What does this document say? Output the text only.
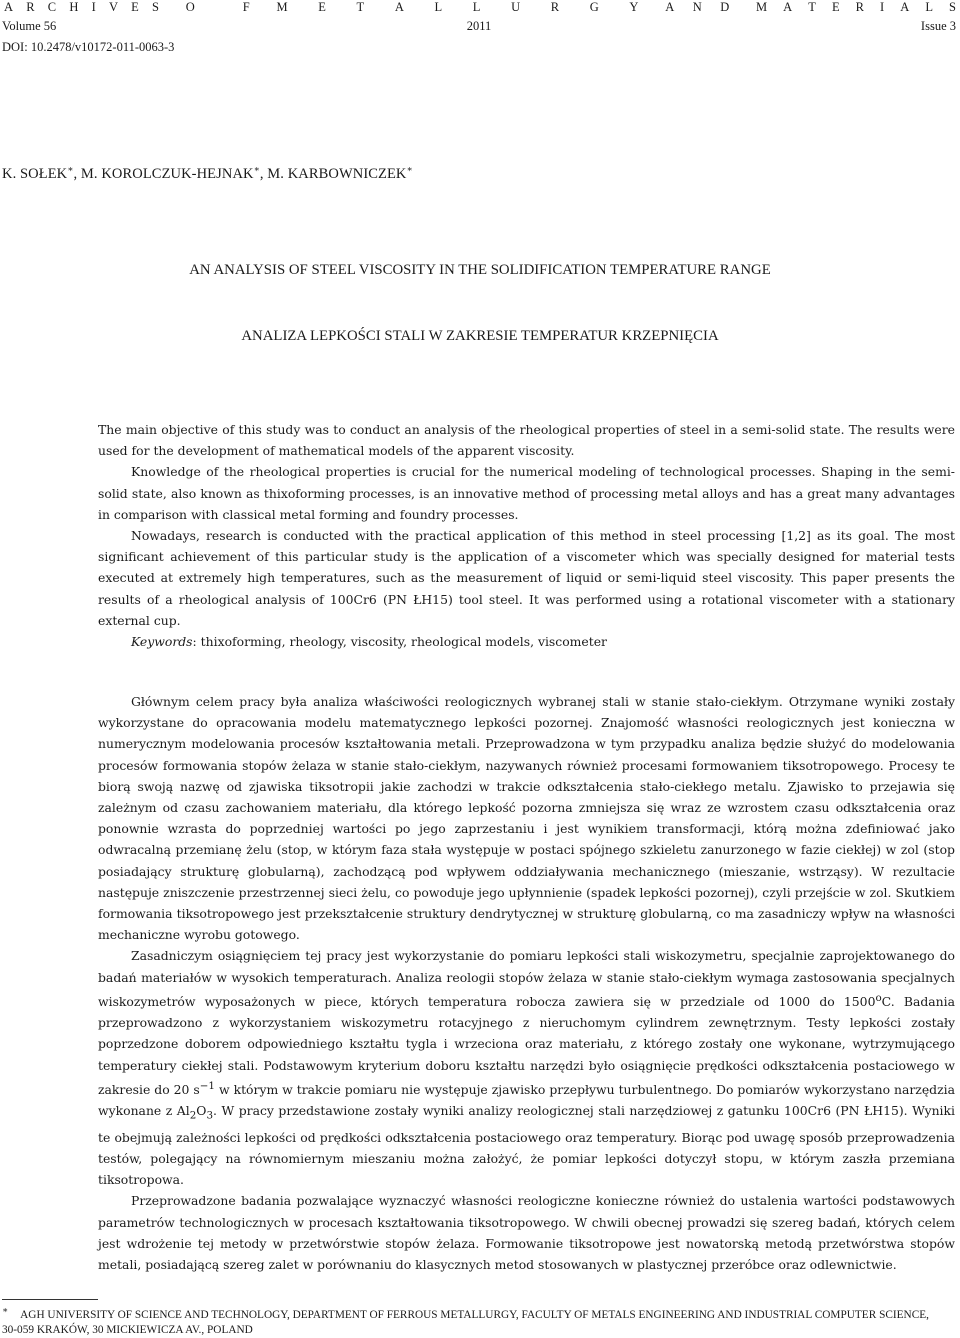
A R C H I V E S O	F M E T A L L U R G Y A N D M A T E R I A L S
Volume 56	2011	Issue 3
DOI: 10.2478/v10172-011-0063-3
K. SOŁEK∗, M. KOROLCZUK-HEJNAK∗, M. KARBOWNICZEK∗
AN ANALYSIS OF STEEL VISCOSITY IN THE SOLIDIFICATION TEMPERATURE RANGE
ANALIZA LEPKOŚCI STALI W ZAKRESIE TEMPERATUR KRZEPNIĘCIA

The main objective of this study was to conduct an analysis of the rheological properties of steel in a semi-solid state. The results were used for the development of mathematical models of the apparent viscosity.

Knowledge of the rheological properties is crucial for the numerical modeling of technological processes. Shaping in the semi-solid state, also known as thixoforming processes, is an innovative method of processing metal alloys and has a great many advantages in comparison with classical metal forming and foundry processes.

Nowadays, research is conducted with the practical application of this method in steel processing [1,2] as its goal. The most significant achievement of this particular study is the application of a viscometer which was specially designed for material tests executed at extremely high temperatures, such as the measurement of liquid or semi-liquid steel viscosity. This paper presents the results of a rheological analysis of 100Cr6 (PN ŁH15) tool steel. It was performed using a rotational viscometer with a stationary external cup.

Keywords: thixoforming, rheology, viscosity, rheological models, viscometer

Głównym celem pracy była analiza właściwości reologicznych wybranej stali w stanie stało-ciekłym. Otrzymane wyniki zostały wykorzystane do opracowania modelu matematycznego lepkości pozornej. Znajomość własności reologicznych jest konieczna w numerycznym modelowania procesów kształtowania metali. Przeprowadzona w tym przypadku analiza będzie służyć do modelowania procesów formowania stopów żelaza w stanie stało-ciekłym, nazywanych również procesami formowaniem tiksotropowego. Procesy te biorą swoją nazwę od zjawiska tiksotropii jakie zachodzi w trakcie odkształcenia stało-ciekłego metalu. Zjawisko to przejawia się zależnym od czasu zachowaniem materiału, dla którego lepkość pozorna zmniejsza się wraz ze wzrostem czasu odkształcenia oraz ponownie wzrasta do poprzedniej wartości po jego zaprzestaniu i jest wynikiem transformacji, którą można zdefiniować jako odwracalną przemianę żelu (stop, w którym faza stała występuje w postaci spójnego szkieletu zanurzonego w fazie ciekłej) w zol (stop posiadający strukturę globularną), zachodzącą pod wpływem oddziaływania mechanicznego (mieszanie, wstrząsy). W rezultacie następuje zniszczenie przestrzennej sieci żelu, co powoduje jego upłynnienie (spadek lepkości pozornej), czyli przejście w zol. Skutkiem formowania tiksotropowego jest przekształcenie struktury dendrytycznej w strukturę globularną, co ma zasadniczy wpływ na własności mechaniczne wyrobu gotowego.

Zasadniczym osiągnięciem tej pracy jest wykorzystanie do pomiaru lepkości stali wiskozymetru, specjalnie zaprojektowanego do badań materiałów w wysokich temperaturach. Analiza reologii stopów żelaza w stanie stało-ciekłym wymaga zastosowania specjalnych wiskozymetrów wyposażonych w piece, których temperatura robocza zawiera się w przedziale od 1000 do 1500$^o$C. Badania przeprowadzono z wykorzystaniem wiskozymetru rotacyjnego z nieruchomym cylindrem zewnętrznym. Testy lepkości zostały poprzedzone doborem odpowiedniego kształtu tygla i wrzeciona oraz materiału, z którego zostały one wykonane, wytrzymującego temperatury ciekłej stali. Podstawowym kryterium doboru kształtu narzędzi było osiągnięcie prędkości odkształcenia postaciowego w zakresie do 20 $s^{-1}$ w którym w trakcie pomiaru nie występuje zjawisko przepływu turbulentnego. Do pomiarów wykorzystano narzędzia wykonane z $Al_2O_3$. W pracy przedstawione zostały wyniki analizy reologicznej stali narzędziowej z gatunku 100Cr6 (PN ŁH15). Wyniki te obejmują zależności lepkości od prędkości odkształcenia postaciowego oraz temperatury. Biorąc pod uwagę sposób przeprowadzenia testów, polegający na równomiernym mieszaniu można założyć, że pomiar lepkości dotyczył stopu, w którym zaszła przemiana tiksotropowa.

Przeprowadzone badania pozwalające wyznaczyć własności reologiczne konieczne również do ustalenia wartości podstawowych parametrów technologicznych w procesach kształtowania tiksotropowego. W chwili obecnej prowadzi się szereg badań, których celem jest wdrożenie tej metody w przetwórstwie stopów żelaza. Formowanie tiksotropowe jest nowatorską metodą przetwórstwa stopów metali, posiadającą szereg zalet w porównaniu do klasycznych metod stosowanych w plastycznej przeróbce oraz odlewnictwie.

∗ AGH UNIVERSITY OF SCIENCE AND TECHNOLOGY, DEPARTMENT OF FERROUS METALLURGY, FACULTY OF METALS ENGINEERING AND INDUSTRIAL COMPUTER SCIENCE, 30-059 KRAKÓW, 30 MICKIEWICZA AV., POLAND
